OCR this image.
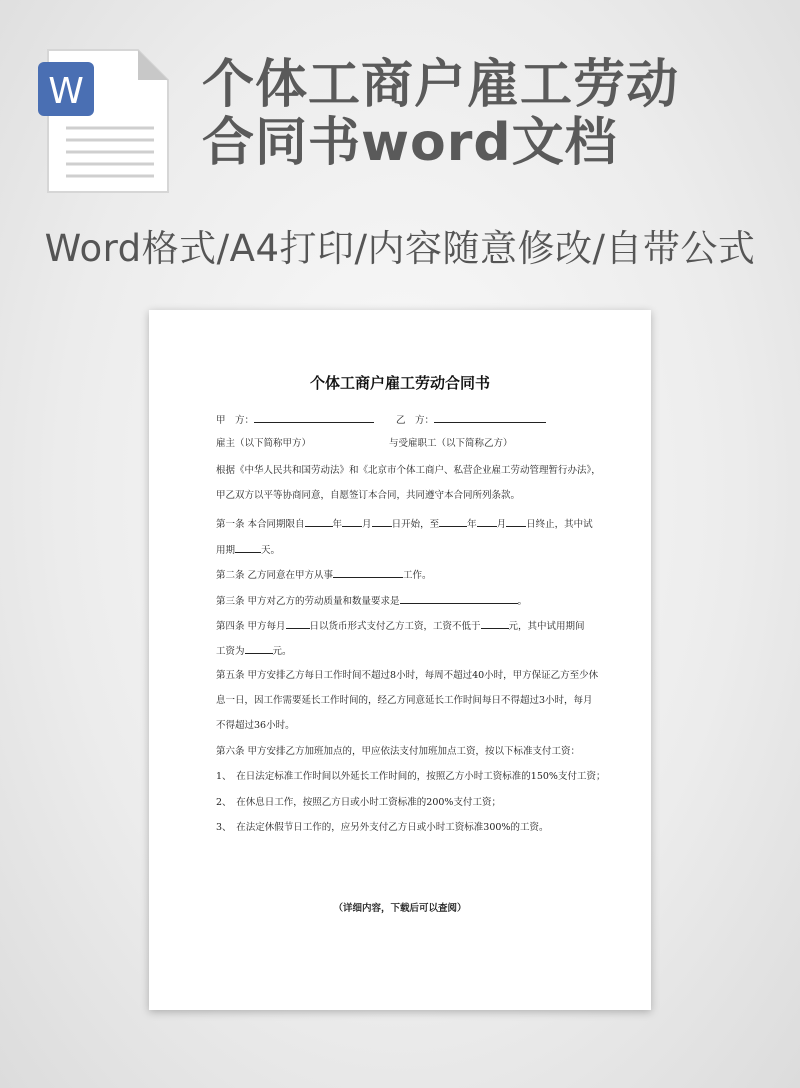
W 个体工商户雇工劳动
合同书word文档
Word格式/A4打印/内容随意修改/自带公式
个体工商户雇工劳动合同书
甲　方：	乙　方：
雇主（以下简称甲方）	与受雇职工（以下简称乙方）
根据《中华人民共和国劳动法》和《北京市个体工商户、私营企业雇工劳动管理暂行办法》，
甲乙双方以平等协商同意，自愿签订本合同，共同遵守本合同所列条款。
第一条 本合同期限自	年 月 日开始，至	年 月 日终止，其中试
用期	天。
第二条 乙方同意在甲方从事	工作。
第三条 甲方对乙方的劳动质量和数量要求是	。
第四条 甲方每月	日以货币形式支付乙方工资，工资不低于	元，其中试用期间
工资为	元。
第五条 甲方安排乙方每日工作时间不超过8小时，每周不超过40小时，甲方保证乙方至少休
息一日，因工作需要延长工作时间的，经乙方同意延长工作时间每日不得超过3小时，每月
不得超过36小时。
第六条 甲方安排乙方加班加点的，甲应依法支付加班加点工资，按以下标准支付工资：
1、　在日法定标准工作时间以外延长工作时间的，按照乙方小时工资标准的150%支付工资；
2、　在休息日工作，按照乙方日或小时工资标准的200%支付工资；
3、　在法定休假节日工作的，应另外支付乙方日或小时工资标准300%的工资。
（详细内容，下载后可以查阅）
